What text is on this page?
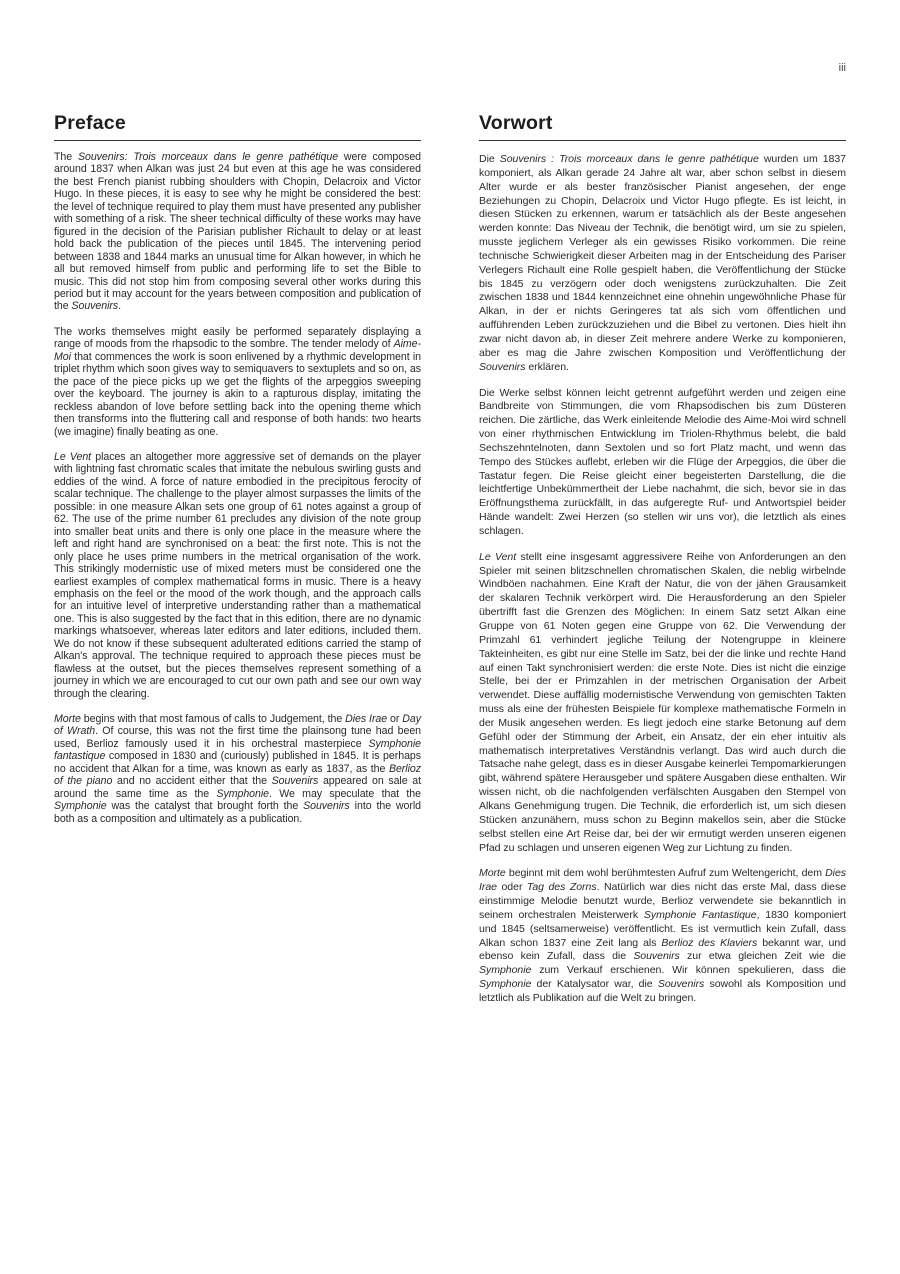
iii
Preface
The Souvenirs: Trois morceaux dans le genre pathétique were composed around 1837 when Alkan was just 24 but even at this age he was considered the best French pianist rubbing shoulders with Chopin, Delacroix and Victor Hugo. In these pieces, it is easy to see why he might be considered the best: the level of technique required to play them must have presented any publisher with something of a risk. The sheer technical difficulty of these works may have figured in the decision of the Parisian publisher Richault to delay or at least hold back the publication of the pieces until 1845. The intervening period between 1838 and 1844 marks an unusual time for Alkan however, in which he all but removed himself from public and performing life to set the Bible to music. This did not stop him from composing several other works during this period but it may account for the years between composition and publication of the Souvenirs.
The works themselves might easily be performed separately displaying a range of moods from the rhapsodic to the sombre. The tender melody of Aime-Moi that commences the work is soon enlivened by a rhythmic development in triplet rhythm which soon gives way to semiquavers to sextuplets and so on, as the pace of the piece picks up we get the flights of the arpeggios sweeping over the keyboard. The journey is akin to a rapturous display, imitating the reckless abandon of love before settling back into the opening theme which then transforms into the fluttering call and response of both hands: two hearts (we imagine) finally beating as one.
Le Vent places an altogether more aggressive set of demands on the player with lightning fast chromatic scales that imitate the nebulous swirling gusts and eddies of the wind. A force of nature embodied in the precipitous ferocity of scalar technique. The challenge to the player almost surpasses the limits of the possible: in one measure Alkan sets one group of 61 notes against a group of 62. The use of the prime number 61 precludes any division of the note group into smaller beat units and there is only one place in the measure where the left and right hand are synchronised on a beat: the first note. This is not the only place he uses prime numbers in the metrical organisation of the work. This strikingly modernistic use of mixed meters must be considered one the earliest examples of complex mathematical forms in music. There is a heavy emphasis on the feel or the mood of the work though, and the approach calls for an intuitive level of interpretive understanding rather than a mathematical one. This is also suggested by the fact that in this edition, there are no dynamic markings whatsoever, whereas later editors and later editions, included them. We do not know if these subsequent adulterated editions carried the stamp of Alkan's approval. The technique required to approach these pieces must be flawless at the outset, but the pieces themselves represent something of a journey in which we are encouraged to cut our own path and see our own way through the clearing.
Morte begins with that most famous of calls to Judgement, the Dies Irae or Day of Wrath. Of course, this was not the first time the plainsong tune had been used, Berlioz famously used it in his orchestral masterpiece Symphonie fantastique composed in 1830 and (curiously) published in 1845. It is perhaps no accident that Alkan for a time, was known as early as 1837, as the Berlioz of the piano and no accident either that the Souvenirs appeared on sale at around the same time as the Symphonie. We may speculate that the Symphonie was the catalyst that brought forth the Souvenirs into the world both as a composition and ultimately as a publication.
Vorwort
Die Souvenirs : Trois morceaux dans le genre pathétique wurden um 1837 komponiert, als Alkan gerade 24 Jahre alt war, aber schon selbst in diesem Alter wurde er als bester französischer Pianist angesehen, der enge Beziehungen zu Chopin, Delacroix und Victor Hugo pflegte. Es ist leicht, in diesen Stücken zu erkennen, warum er tatsächlich als der Beste angesehen werden konnte: Das Niveau der Technik, die benötigt wird, um sie zu spielen, musste jeglichem Verleger als ein gewisses Risiko vorkommen. Die reine technische Schwierigkeit dieser Arbeiten mag in der Entscheidung des Pariser Verlegers Richault eine Rolle gespielt haben, die Veröffentlichung der Stücke bis 1845 zu verzögern oder doch wenigstens zurückzuhalten. Die Zeit zwischen 1838 und 1844 kennzeichnet eine ohnehin ungewöhnliche Phase für Alkan, in der er nichts Geringeres tat als sich vom öffentlichen und aufführenden Leben zurückzuziehen und die Bibel zu vertonen. Dies hielt ihn zwar nicht davon ab, in dieser Zeit mehrere andere Werke zu komponieren, aber es mag die Jahre zwischen Komposition und Veröffentlichung der Souvenirs erklären.
Die Werke selbst können leicht getrennt aufgeführt werden und zeigen eine Bandbreite von Stimmungen, die vom Rhapsodischen bis zum Düsteren reichen. Die zärtliche, das Werk einleitende Melodie des Aime-Moi wird schnell von einer rhythmischen Entwicklung im Triolen-Rhythmus belebt, die bald Sechszehntelnoten, dann Sextolen und so fort Platz macht, und wenn das Tempo des Stückes auflebt, erleben wir die Flüge der Arpeggios, die über die Tastatur fegen. Die Reise gleicht einer begeisterten Darstellung, die die leichtfertige Unbekümmertheit der Liebe nachahmt, die sich, bevor sie in das Eröffnungsthema zurückfällt, in das aufgeregte Ruf- und Antwortspiel beider Hände wandelt: Zwei Herzen (so stellen wir uns vor), die letztlich als eines schlagen.
Le Vent stellt eine insgesamt aggressivere Reihe von Anforderungen an den Spieler mit seinen blitzschnellen chromatischen Skalen, die neblig wirbelnde Windböen nachahmen. Eine Kraft der Natur, die von der jähen Grausamkeit der skalaren Technik verkörpert wird. Die Herausforderung an den Spieler übertrifft fast die Grenzen des Möglichen: In einem Satz setzt Alkan eine Gruppe von 61 Noten gegen eine Gruppe von 62. Die Verwendung der Primzahl 61 verhindert jegliche Teilung der Notengruppe in kleinere Takteinheiten, es gibt nur eine Stelle im Satz, bei der die linke und rechte Hand auf einen Takt synchronisiert werden: die erste Note. Dies ist nicht die einzige Stelle, bei der er Primzahlen in der metrischen Organisation der Arbeit verwendet. Diese auffällig modernistische Verwendung von gemischten Takten muss als eine der frühesten Beispiele für komplexe mathematische Formeln in der Musik angesehen werden. Es liegt jedoch eine starke Betonung auf dem Gefühl oder der Stimmung der Arbeit, ein Ansatz, der ein eher intuitiv als mathematisch interpretatives Verständnis verlangt. Das wird auch durch die Tatsache nahe gelegt, dass es in dieser Ausgabe keinerlei Tempomarkierungen gibt, während spätere Herausgeber und spätere Ausgaben diese enthalten. Wir wissen nicht, ob die nachfolgenden verfälschten Ausgaben den Stempel von Alkans Genehmigung trugen. Die Technik, die erforderlich ist, um sich diesen Stücken anzunähern, muss schon zu Beginn makellos sein, aber die Stücke selbst stellen eine Art Reise dar, bei der wir ermutigt werden unseren eigenen Pfad zu schlagen und unseren eigenen Weg zur Lichtung zu finden.
Morte beginnt mit dem wohl berühmtesten Aufruf zum Weltengericht, dem Dies Irae oder Tag des Zorns. Natürlich war dies nicht das erste Mal, dass diese einstimmige Melodie benutzt wurde, Berlioz verwendete sie bekanntlich in seinem orchestralen Meisterwerk Symphonie Fantastique, 1830 komponiert und 1845 (seltsamerweise) veröffentlicht. Es ist vermutlich kein Zufall, dass Alkan schon 1837 eine Zeit lang als Berlioz des Klaviers bekannt war, und ebenso kein Zufall, dass die Souvenirs zur etwa gleichen Zeit wie die Symphonie zum Verkauf erschienen. Wir können spekulieren, dass die Symphonie der Katalysator war, die Souvenirs sowohl als Komposition und letztlich als Publikation auf die Welt zu bringen.
